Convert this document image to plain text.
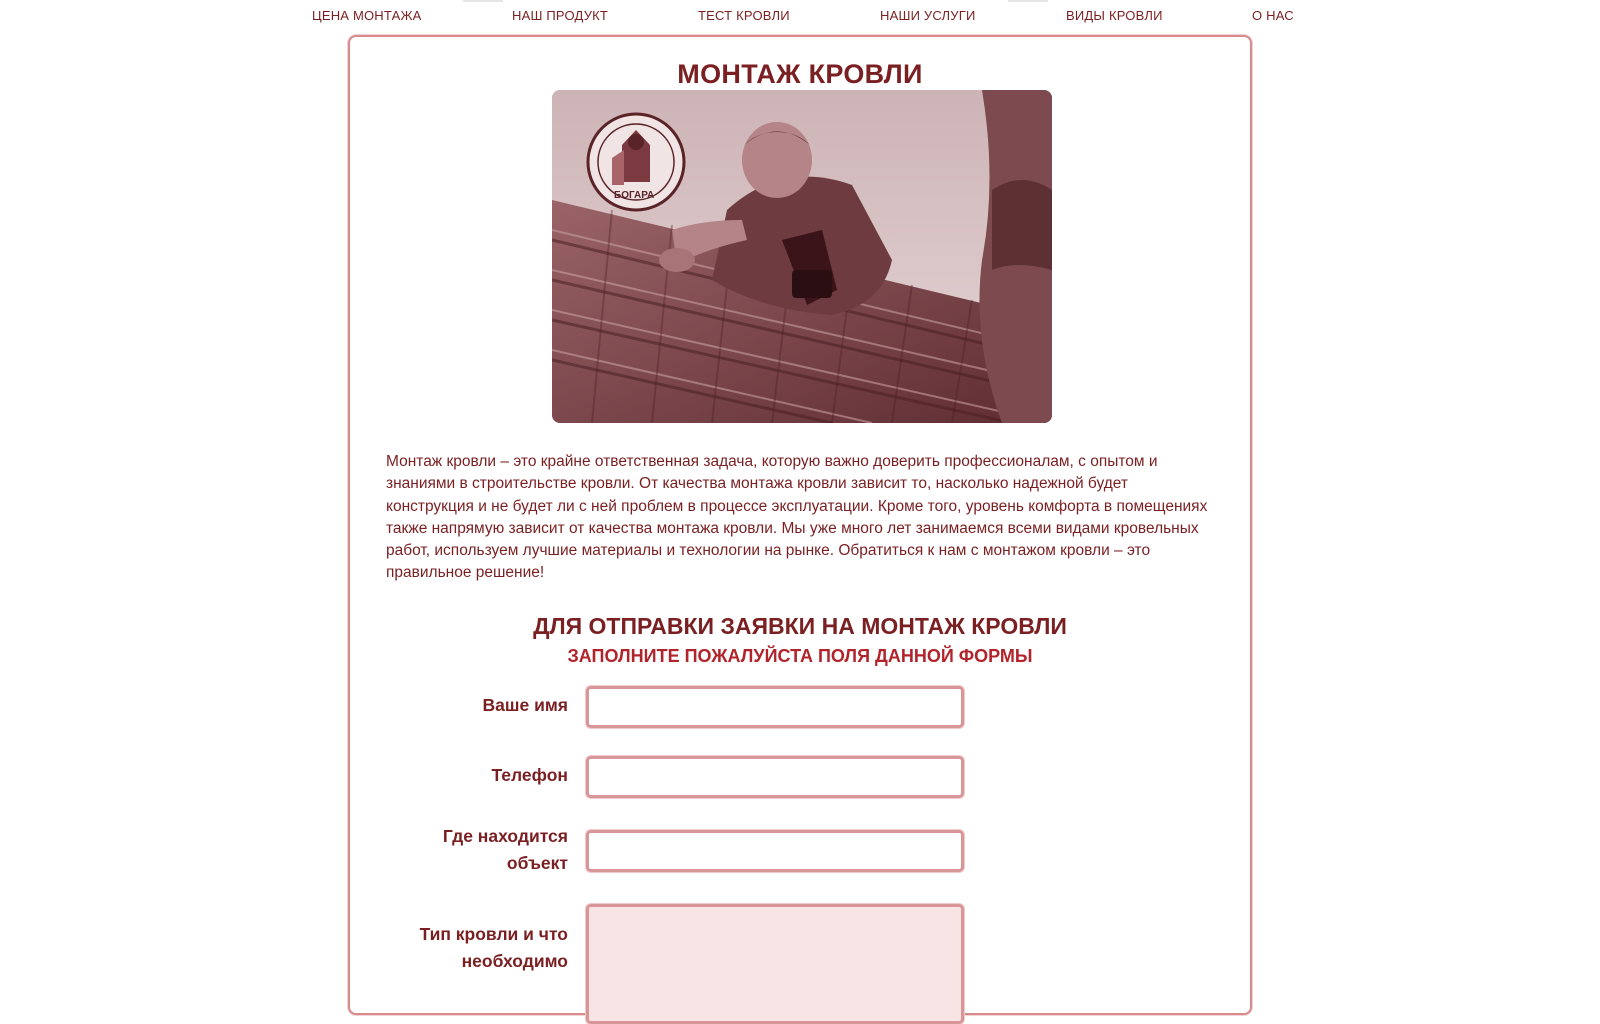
ЦЕНА МОНТАЖА	НАШ ПРОДУКТ	ТЕСТ КРОВЛИ	НАШИ УСЛУГИ	ВИДЫ КРОВЛИ	О НАС
МОНТАЖ КРОВЛИ
БОГАРА

Монтаж кровли – это крайне ответственная задача, которую важно доверить профессионалам, с опытом и знаниями в строительстве кровли. От качества монтажа кровли зависит то, насколько надежной будет конструкция и не будет ли с ней проблем в процессе эксплуатации. Кроме того, уровень комфорта в помещениях также напрямую зависит от качества монтажа кровли. Мы уже много лет занимаемся всеми видами кровельных работ, используем лучшие материалы и технологии на рынке. Обратиться к нам с монтажом кровли – это правильное решение!

ДЛЯ ОТПРАВКИ ЗАЯВКИ НА МОНТАЖ КРОВЛИ
ЗАПОЛНИТЕ ПОЖАЛУЙСТА ПОЛЯ ДАННОЙ ФОРМЫ
Ваше имя
Телефон
Где находится
объект
Тип кровли и что
необходимо
